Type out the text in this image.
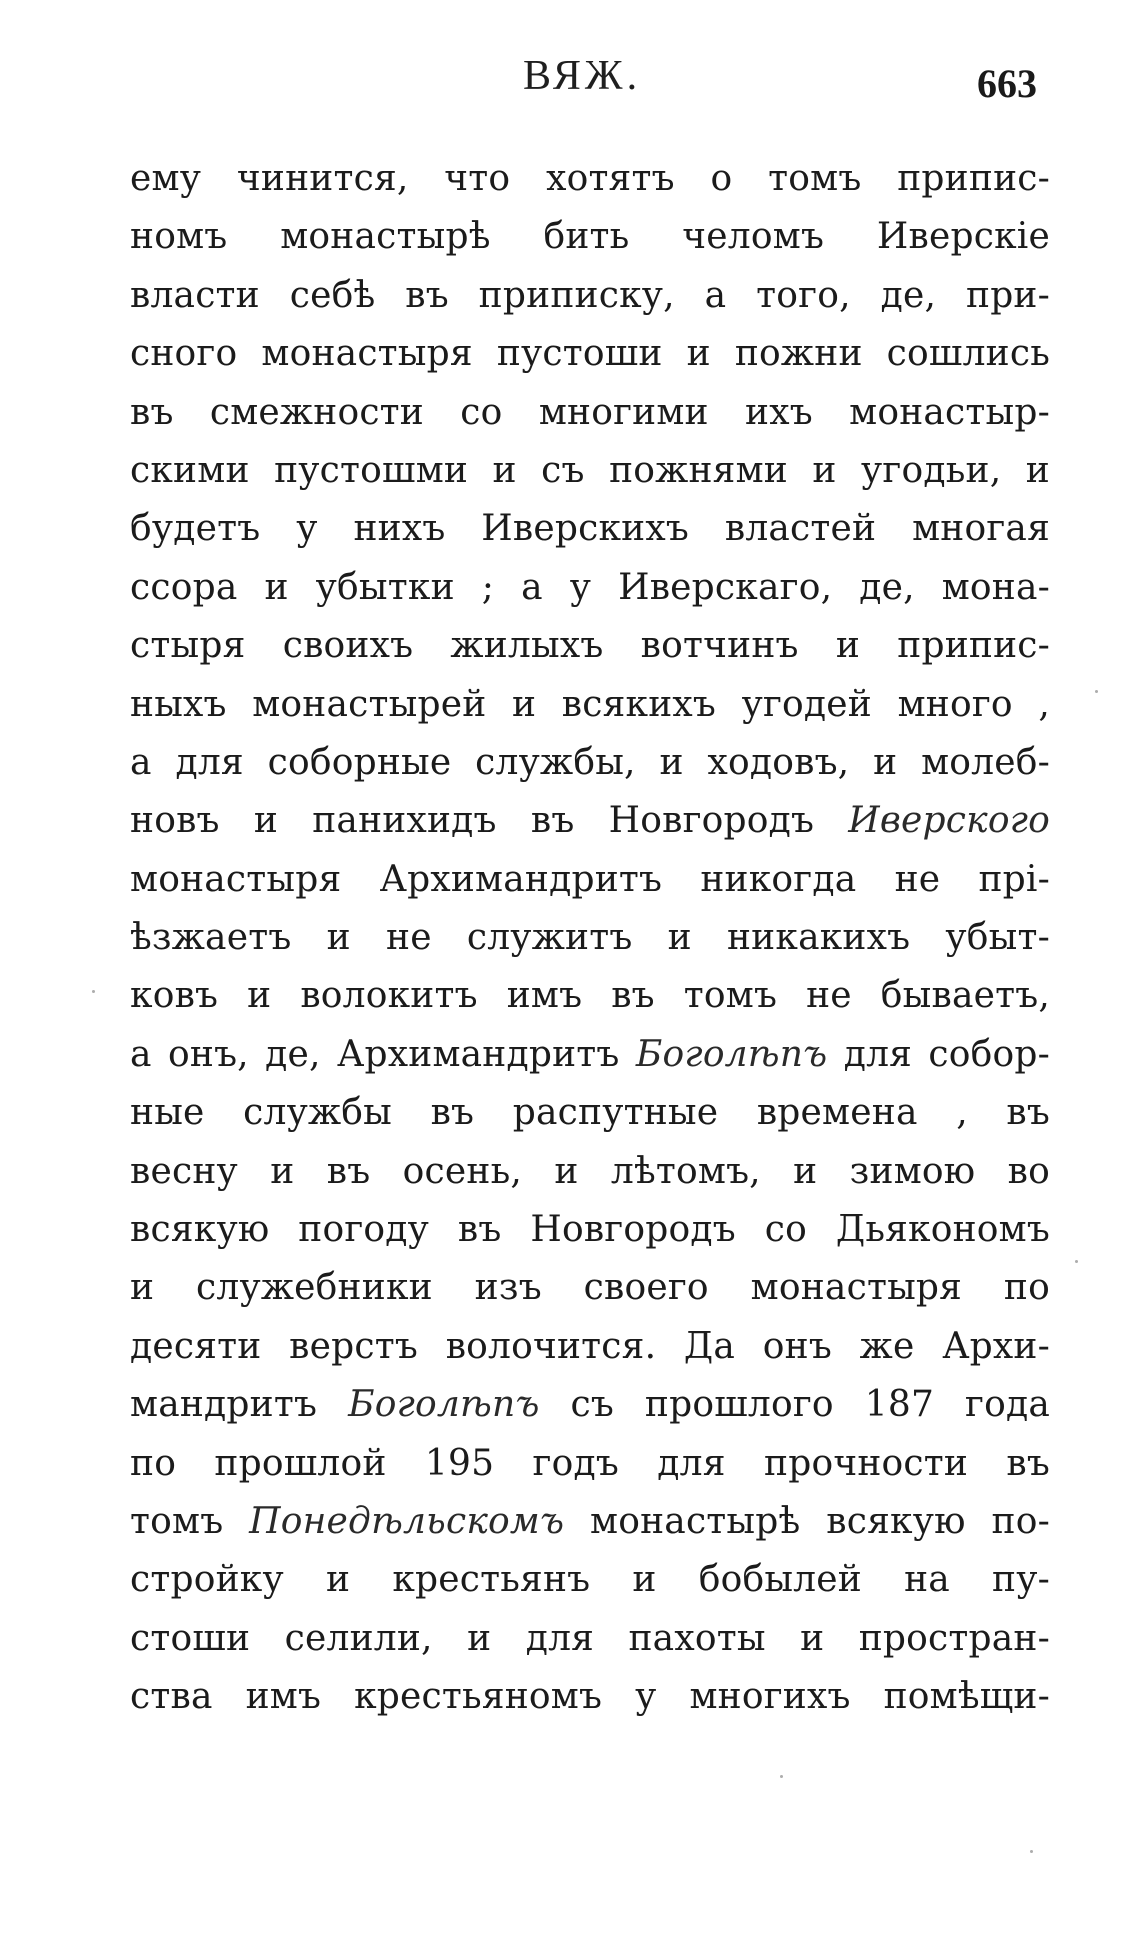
ВЯЖ.	663
ему чинится, что хотятъ о томъ припис-
номъ монастырѣ бить челомъ Иверскіе
власти себѣ въ приписку, а того, де, при-
сного монастыря пустоши и пожни сошлись
въ смежности со многими ихъ монастыр-
скими пустошми и съ пожнями и угодьи, и
будетъ у нихъ Иверскихъ властей многая
ссора и убытки ; а у Иверскаго, де, мона-
стыря своихъ жилыхъ вотчинъ и припис-
ныхъ монастырей и всякихъ угодей много ,
а для соборные службы, и ходовъ, и молеб-
новъ и панихидъ въ Новгородъ Иверского
монастыря Архимандритъ никогда не прі-
ѣзжаетъ и не служитъ и никакихъ убыт-
ковъ и волокитъ имъ въ томъ не бываетъ,
а онъ, де, Архимандритъ Боголѣпъ для собор-
ные службы въ распутные времена , въ
весну и въ осень, и лѣтомъ, и зимою во
всякую погоду въ Новгородъ со Дьякономъ
и служебники изъ своего монастыря по
десяти верстъ волочится. Да онъ же Архи-
мандритъ Боголѣпъ съ прошлого 187 года
по прошлой 195 годъ для прочности въ
томъ Понедѣльскомъ монастырѣ всякую по-
стройку и крестьянъ и бобылей на пу-
стоши селили, и для пахоты и простран-
ства имъ крестьяномъ у многихъ помѣщи-
